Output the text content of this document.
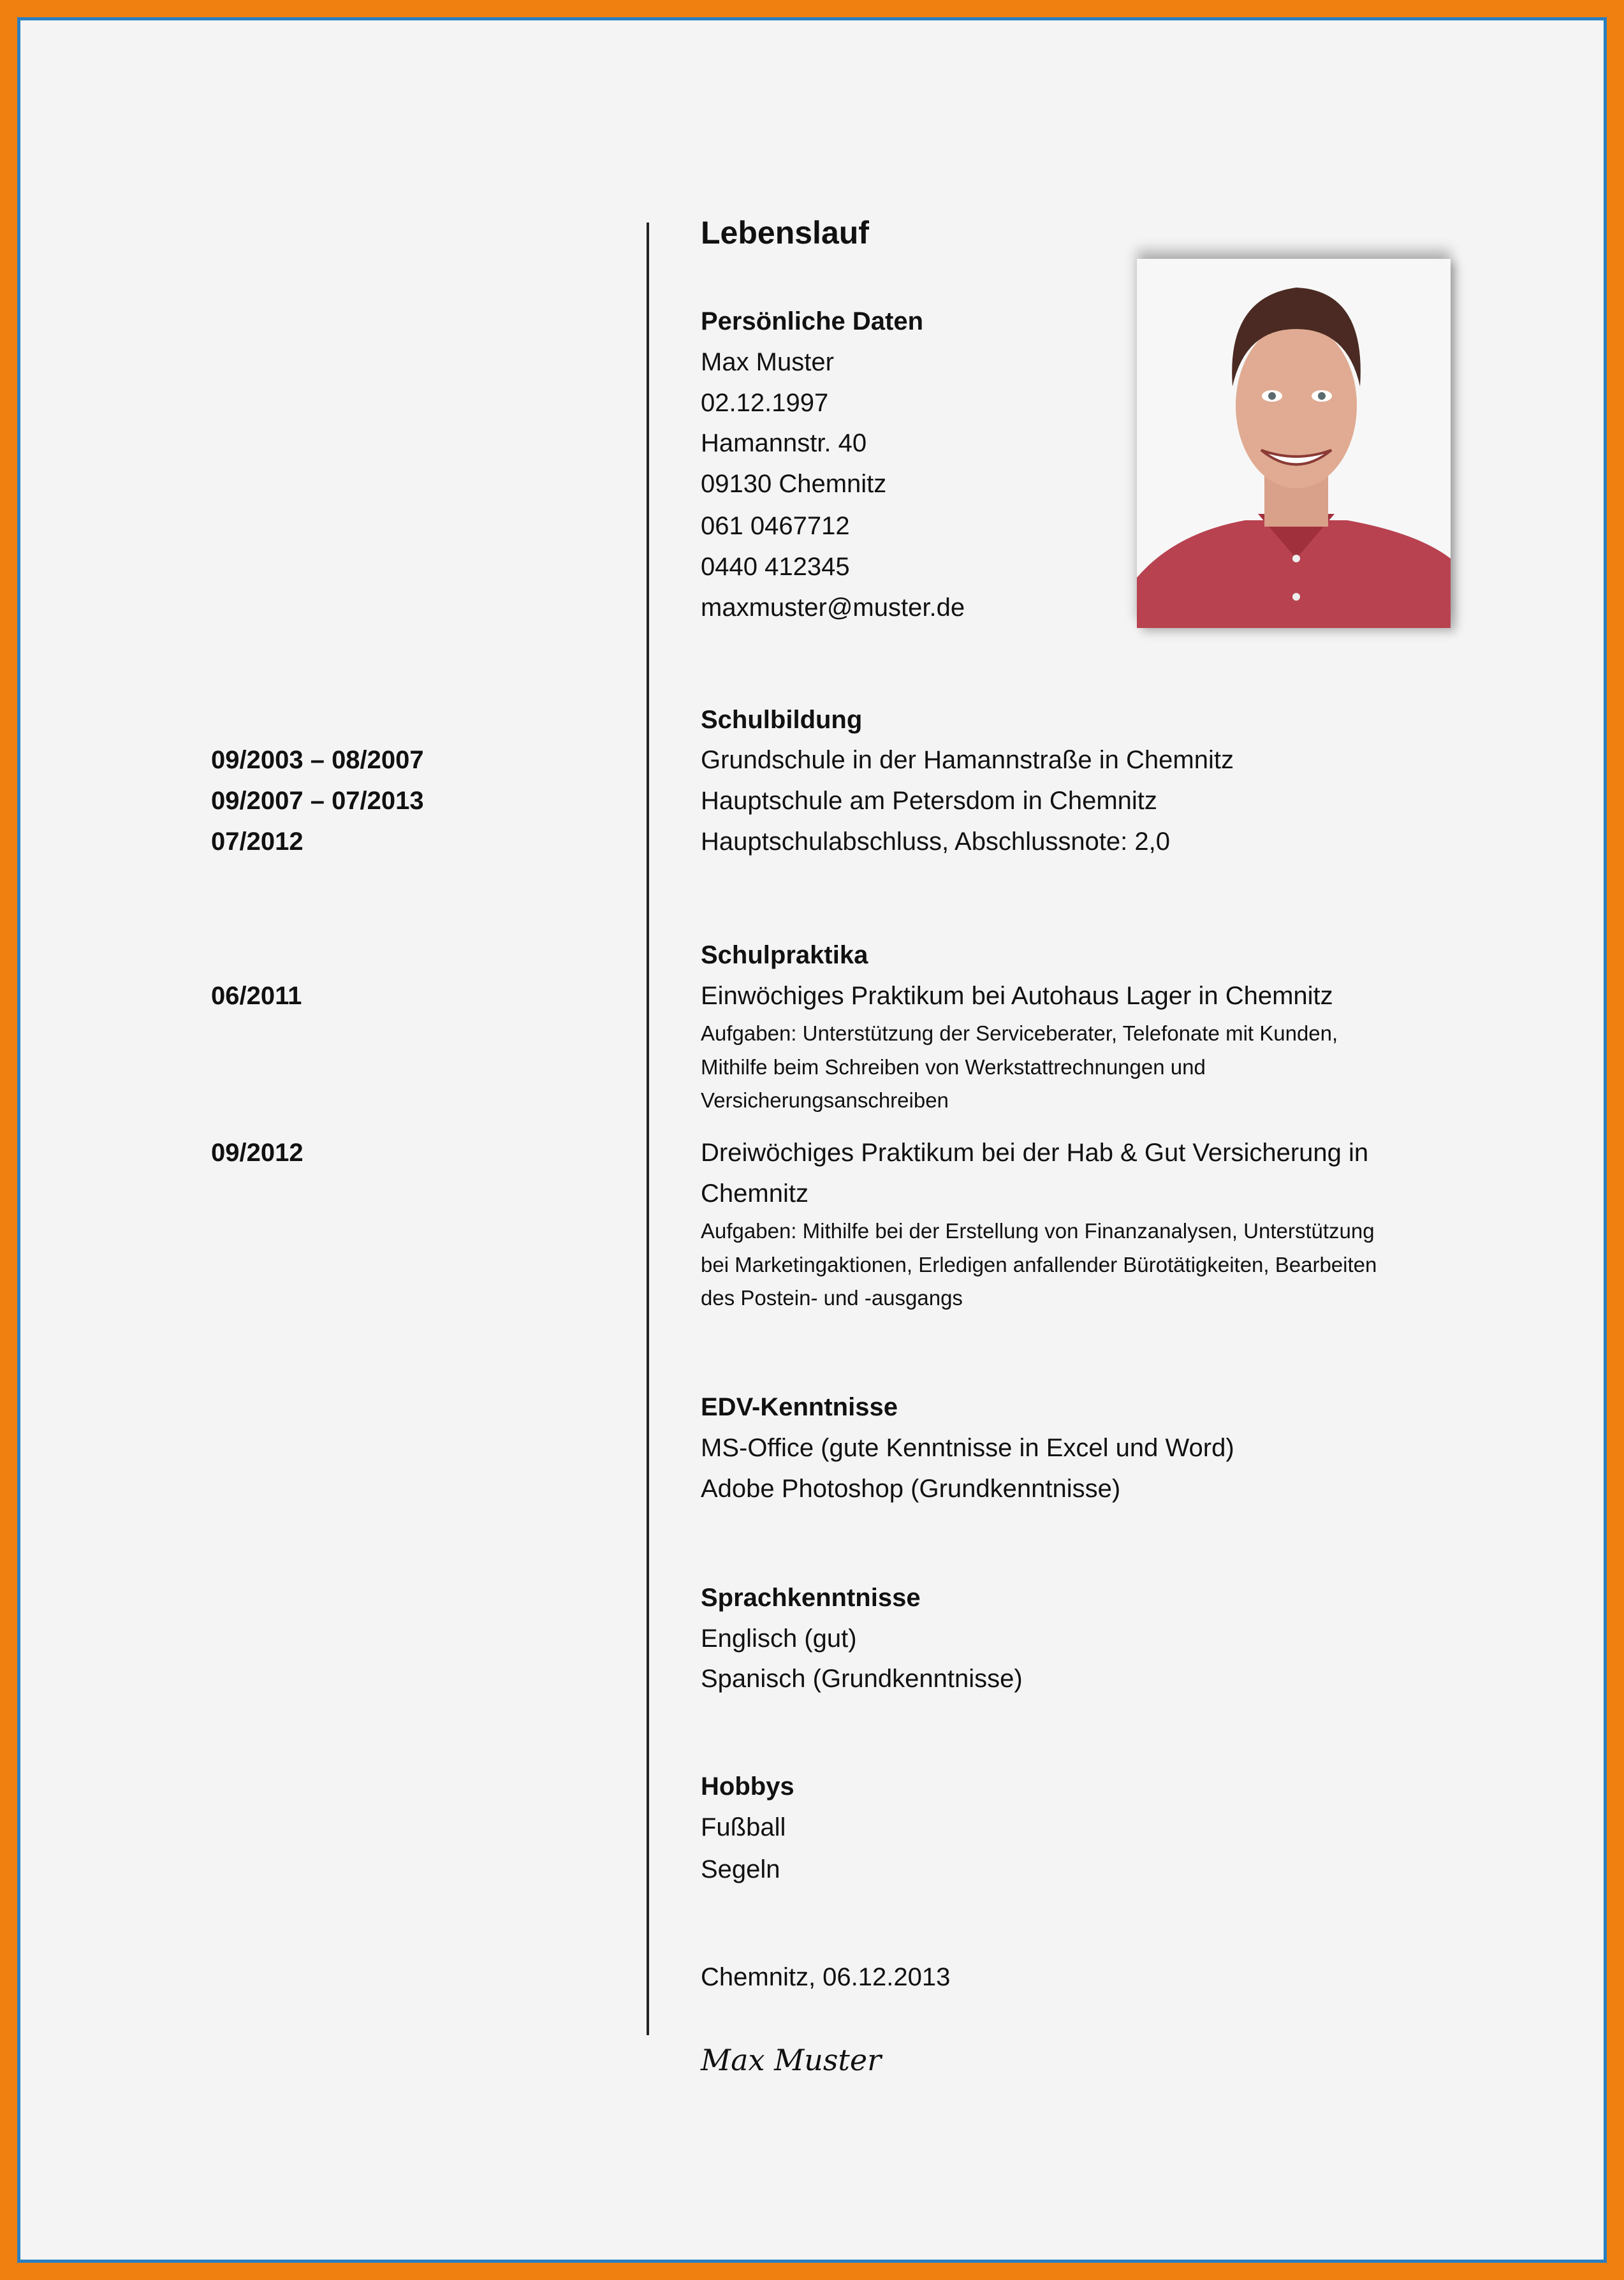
Lebenslauf
Persönliche Daten
Max Muster
02.12.1997
Hamannstr. 40
09130 Chemnitz
061 0467712
0440 412345
maxmuster@muster.de
Schulbildung
09/2003 – 08/2007	Grundschule in der Hamannstraße in Chemnitz
09/2007 – 07/2013	Hauptschule am Petersdom in Chemnitz
07/2012	Hauptschulabschluss, Abschlussnote: 2,0
Schulpraktika
06/2011	Einwöchiges Praktikum bei Autohaus Lager in Chemnitz
Aufgaben: Unterstützung der Serviceberater, Telefonate mit Kunden,
Mithilfe beim Schreiben von Werkstattrechnungen und
Versicherungsanschreiben
09/2012	Dreiwöchiges Praktikum bei der Hab & Gut Versicherung in
Chemnitz
Aufgaben: Mithilfe bei der Erstellung von Finanzanalysen, Unterstützung
bei Marketingaktionen, Erledigen anfallender Bürotätigkeiten, Bearbeiten
des Postein- und -ausgangs
EDV-Kenntnisse
MS-Office (gute Kenntnisse in Excel und Word)
Adobe Photoshop (Grundkenntnisse)
Sprachkenntnisse
Englisch (gut)
Spanisch (Grundkenntnisse)
Hobbys
Fußball
Segeln
Chemnitz, 06.12.2013
Max Muster
